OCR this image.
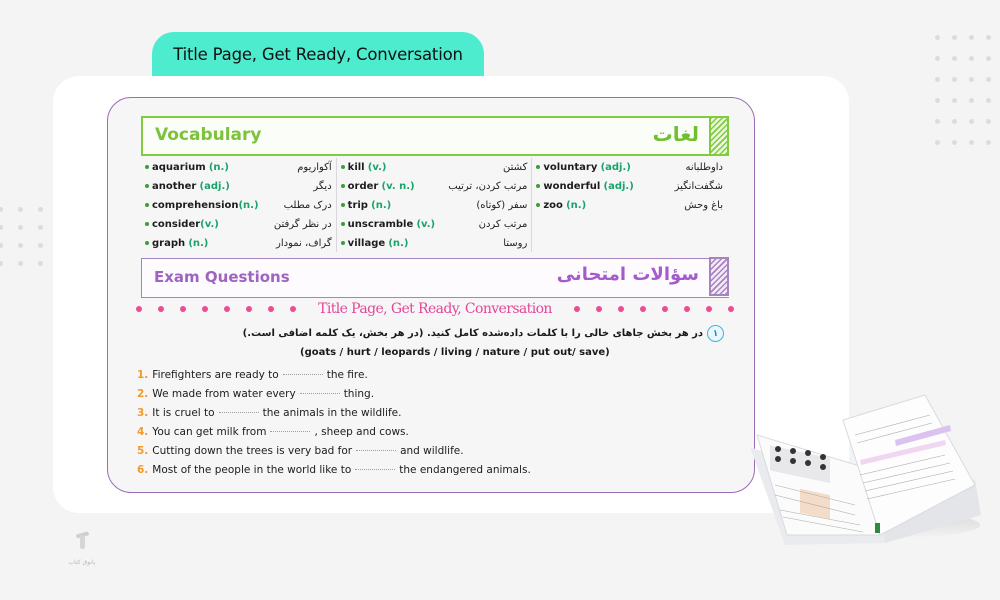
Title Page, Get Ready, Conversation
Vocabulary	لغات
aquarium (n.)	آکواریوم
another (adj.)	دیگر
comprehension(n.)	درک مطلب
consider(v.)	در نظر گرفتن
graph (n.)	گراف، نمودار
kill (v.)	کشتن
order (v. n.)	مرتب کردن، ترتیب
trip (n.)	سفر (کوتاه)
unscramble (v.)	مرتب کردن
village (n.)	روستا
voluntary (adj.)	داوطلبانه
wonderful (adj.)	شگفت‌انگیز
zoo (n.)	باغ وحش
Exam Questions	سؤالات امتحانی
Title Page, Get Ready, Conversation
۱
در هر بخش جاهای خالی را با کلمات داده‌شده کامل کنید. (در هر بخش، یک کلمه اضافی است.)
(goats / hurt / leopards / living / nature / put out/ save)
1. Firefighters are ready to	the fire.
2. We made from water every	thing.
3. It is cruel to	the animals in the wildlife.
4. You can get milk from	, sheep and cows.
5. Cutting down the trees is very bad for	and wildlife.
6. Most of the people in the world like to	the endangered animals.
پاتوق کتاب
